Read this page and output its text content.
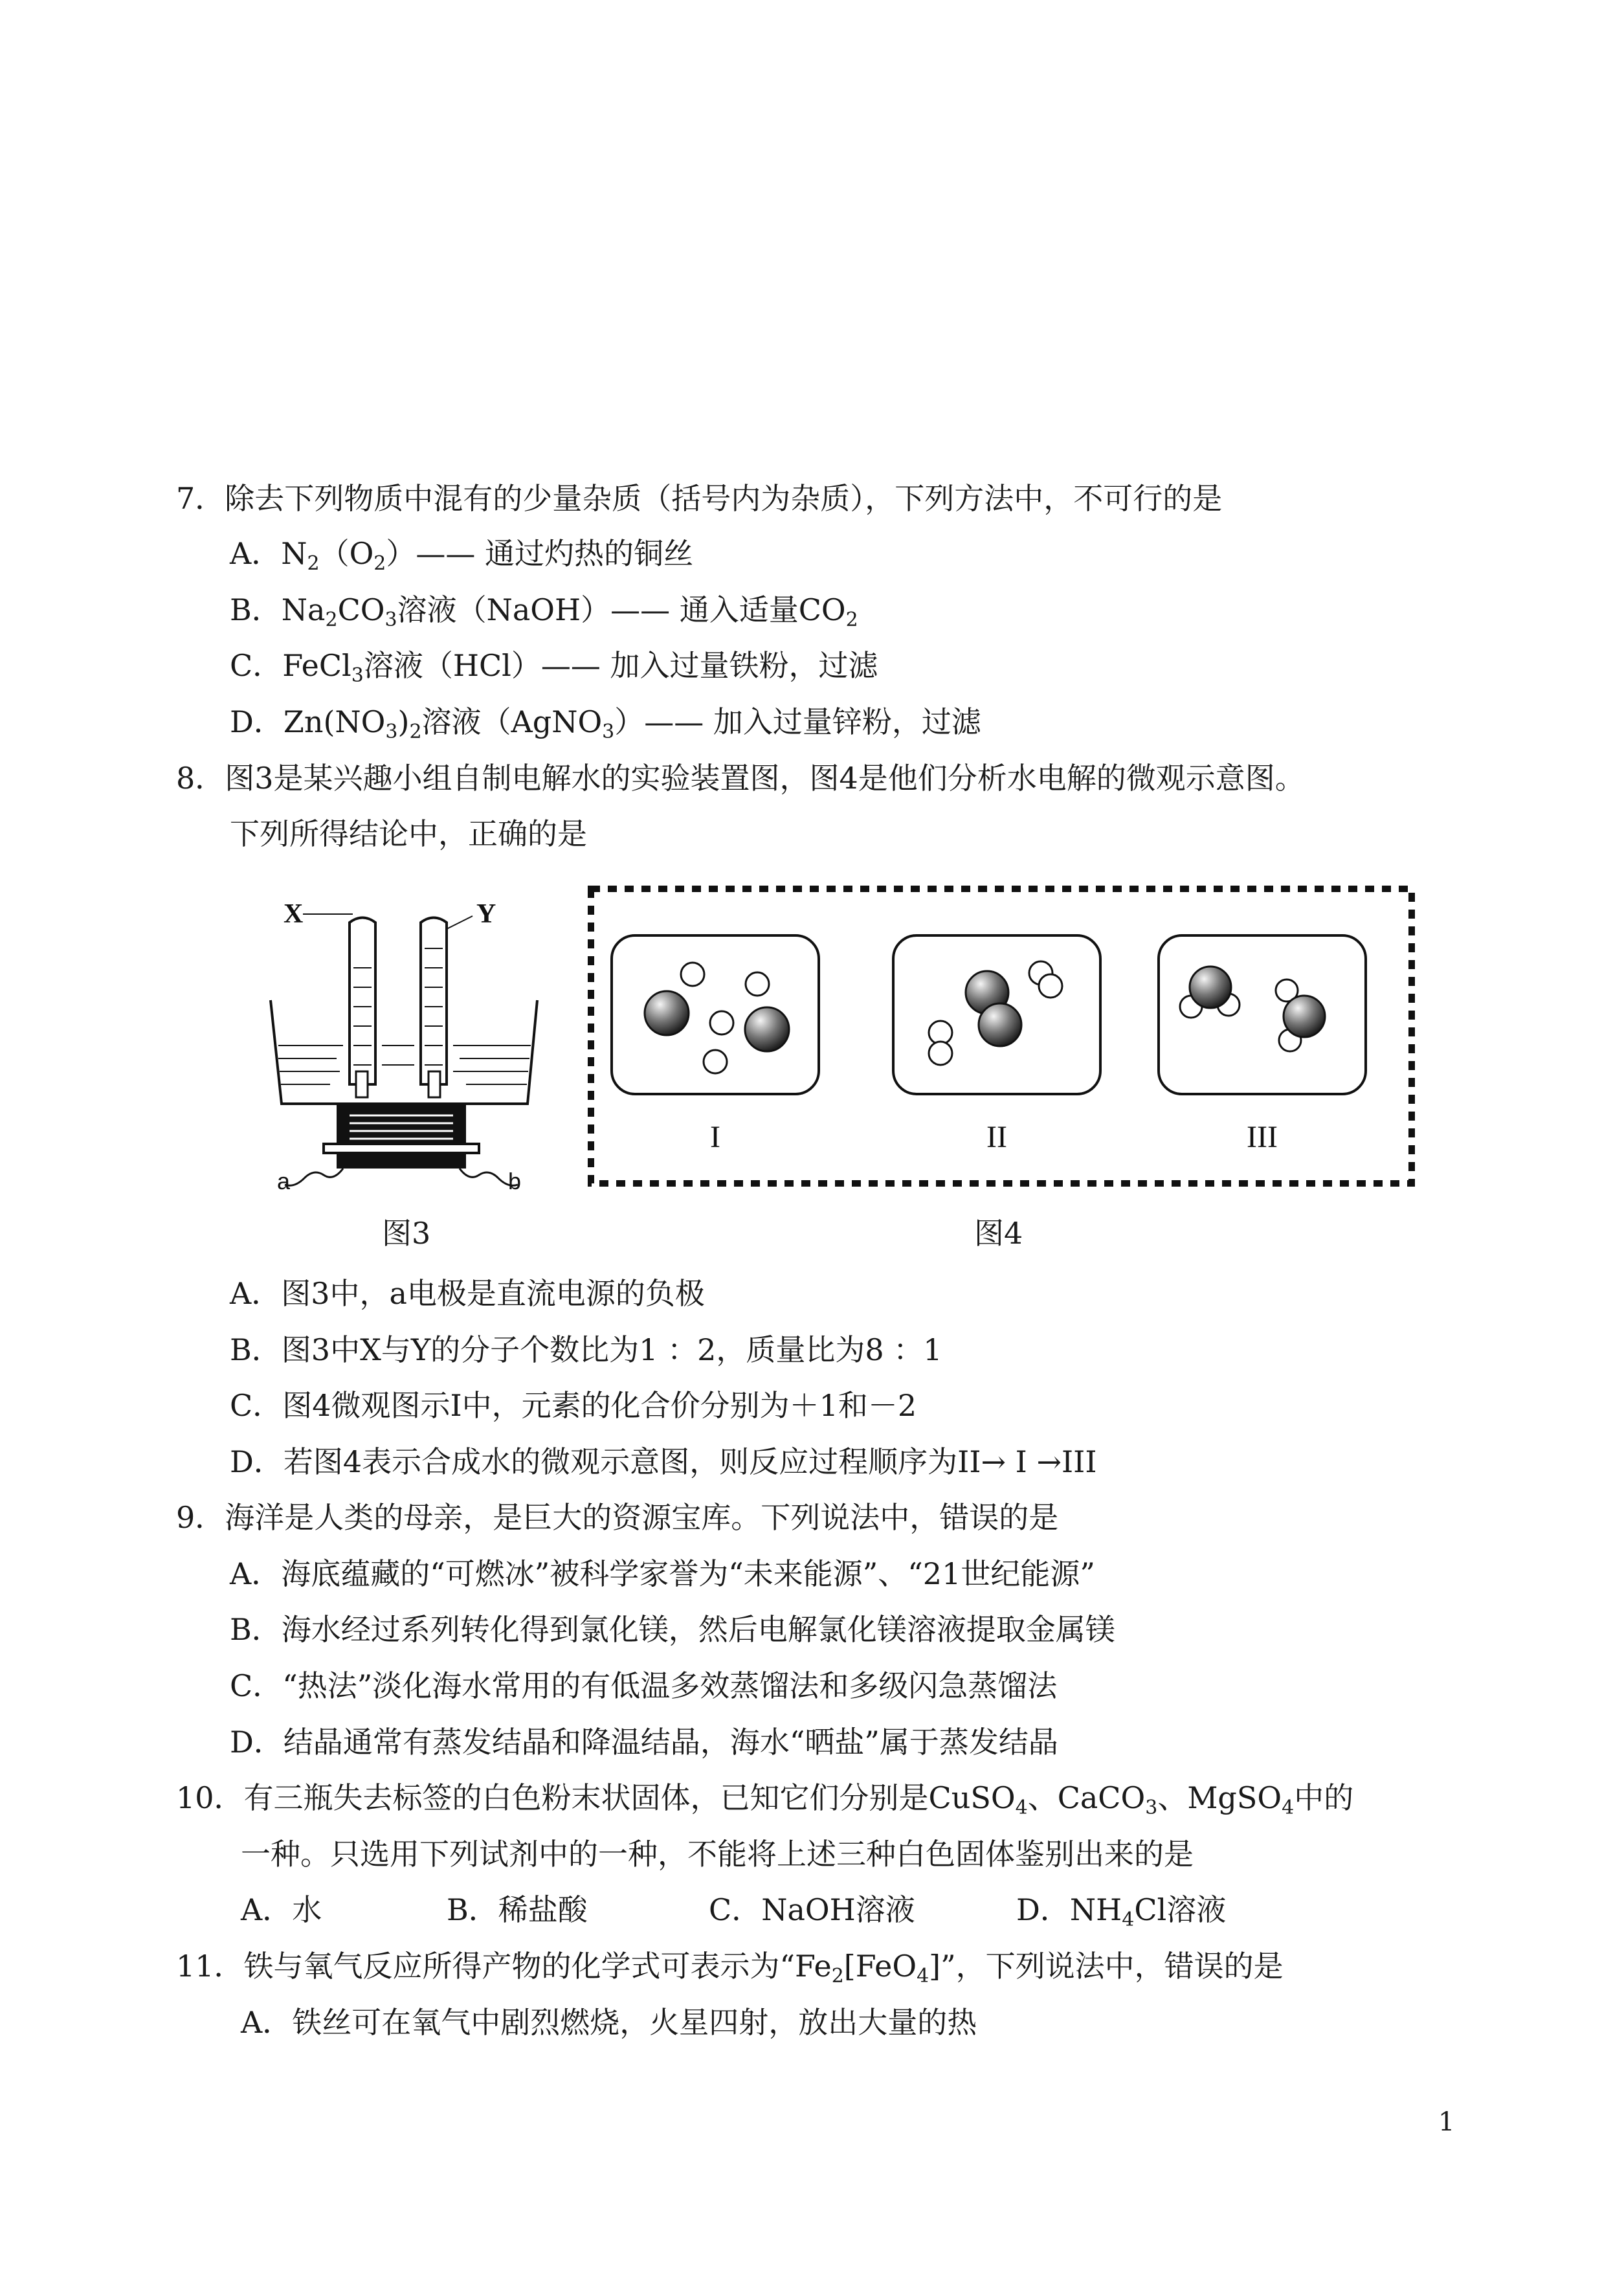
7．除去下列物质中混有的少量杂质（括号内为杂质），下列方法中，不可行的是
A．$N_2(O_2)——$ 通过灼热的铜丝
B．$Na_2CO_3$溶液（NaOH）—— 通入适量$CO_2$
C．FeCl$_3$溶液（HCl）—— 加入过量铁粉，过滤
D．$Zn(NO_3)_2$溶液（AgNO$_3$）—— 加入过量锌粉，过滤
8．图3是某兴趣小组自制电解水的实验装置图，图4是他们分析水电解的微观示意图。
下列所得结论中，正确的是
X	Y
a	b
图3
I	II	III
图4
A．图3中，a电极是直流电源的负极
B．图3中X与Y的分子个数比为1 ：2，质量比为8 ：1
C．图4微观图示I中，元素的化合价分别为＋1和－2
D．若图4表示合成水的微观示意图，则反应过程顺序为II→ I →III
9．海洋是人类的母亲，是巨大的资源宝库。下列说法中，错误的是
A．海底蕴藏的“可燃冰”被科学家誉为“未来能源”、“21世纪能源”
B．海水经过系列转化得到氯化镁，然后电解氯化镁溶液提取金属镁
C．“热法”淡化海水常用的有低温多效蒸馏法和多级闪急蒸馏法
D．结晶通常有蒸发结晶和降温结晶，海水“晒盐”属于蒸发结晶
10．有三瓶失去标签的白色粉末状固体，已知它们分别是CuSO$_4$、CaCO$_3$、MgSO$_4$中的
一种。只选用下列试剂中的一种，不能将上述三种白色固体鉴别出来的是
A．水	B．稀盐酸	C．NaOH溶液	D．$NH_4Cl$溶液
11．铁与氧气反应所得产物的化学式可表示为“$Fe_2[FeO_4]$”，下列说法中，错误的是
A．铁丝可在氧气中剧烈燃烧，火星四射，放出大量的热
1
